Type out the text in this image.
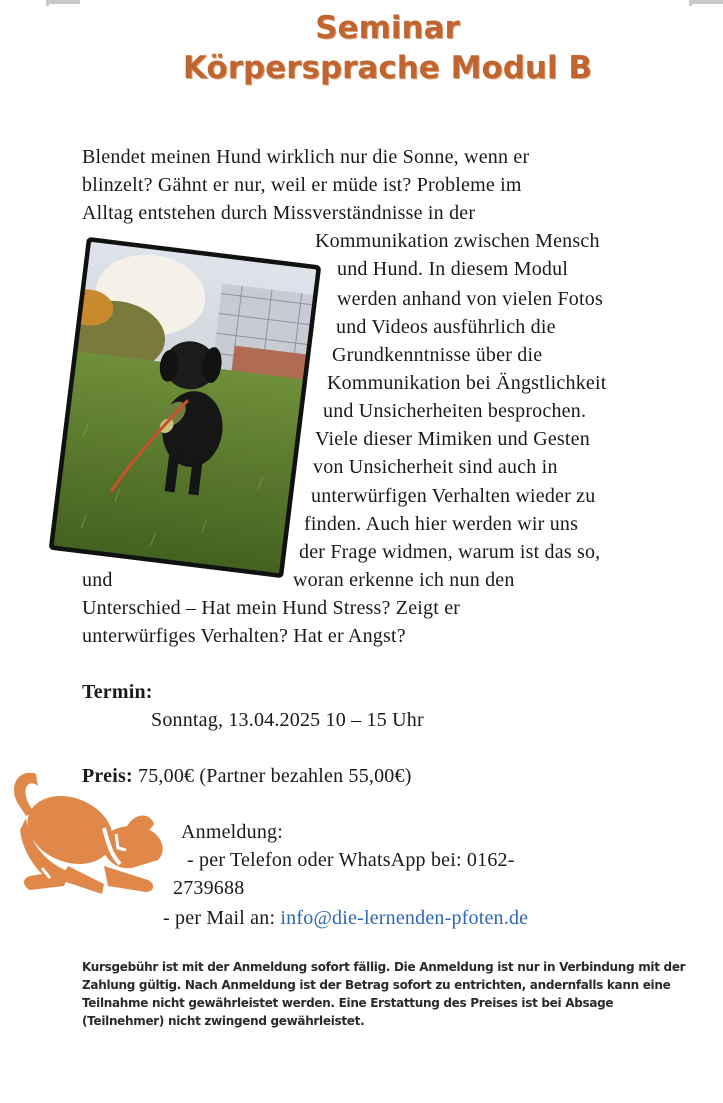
Seminar
Körpersprache Modul B
Blendet meinen Hund wirklich nur die Sonne, wenn er
blinzelt? Gähnt er nur, weil er müde ist? Probleme im
Alltag entstehen durch Missverständnisse in der
Kommunikation zwischen Mensch
und Hund. In diesem Modul
werden anhand von vielen Fotos
und Videos ausführlich die
Grundkenntnisse über die
Kommunikation bei Ängstlichkeit
und Unsicherheiten besprochen.
Viele dieser Mimiken und Gesten
von Unsicherheit sind auch in
unterwürfigen Verhalten wieder zu
finden. Auch hier werden wir uns
der Frage widmen, warum ist das so,
und	woran erkenne ich nun den
Unterschied – Hat mein Hund Stress? Zeigt er
unterwürfiges Verhalten? Hat er Angst?
Termin:
Sonntag, 13.04.2025 10 – 15 Uhr
Preis: 75,00€ (Partner bezahlen 55,00€)
Anmeldung:
- per Telefon oder WhatsApp bei: 0162-
2739688
- per Mail an: info@die-lernenden-pfoten.de
Kursgebühr ist mit der Anmeldung sofort fällig. Die Anmeldung ist nur in Verbindung mit der Zahlung gültig. Nach Anmeldung ist der Betrag sofort zu entrichten, andernfalls kann eine Teilnahme nicht gewährleistet werden. Eine Erstattung des Preises ist bei Absage (Teilnehmer) nicht zwingend gewährleistet.
